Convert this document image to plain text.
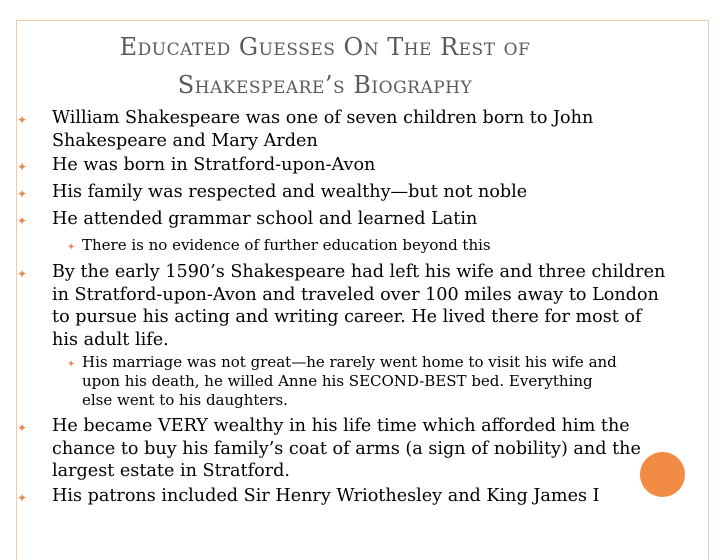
Educated Guesses On The Rest of
Shakespeare’s Biography
✦ William Shakespeare was one of seven children born to John Shakespeare and Mary Arden
✦ He was born in Stratford-upon-Avon
✦ His family was respected and wealthy—but not noble
✦ He attended grammar school and learned Latin
✦ There is no evidence of further education beyond this
✦ By the early 1590’s Shakespeare had left his wife and three children in Stratford-upon-Avon and traveled over 100 miles away to London to pursue his acting and writing career. He lived there for most of his adult life.
✦ His marriage was not great—he rarely went home to visit his wife and upon his death, he willed Anne his SECOND-BEST bed. Everything else went to his daughters.
✦ He became VERY wealthy in his life time which afforded him the chance to buy his family’s coat of arms (a sign of nobility) and the largest estate in Stratford.
✦ His patrons included Sir Henry Wriothesley and King James I
